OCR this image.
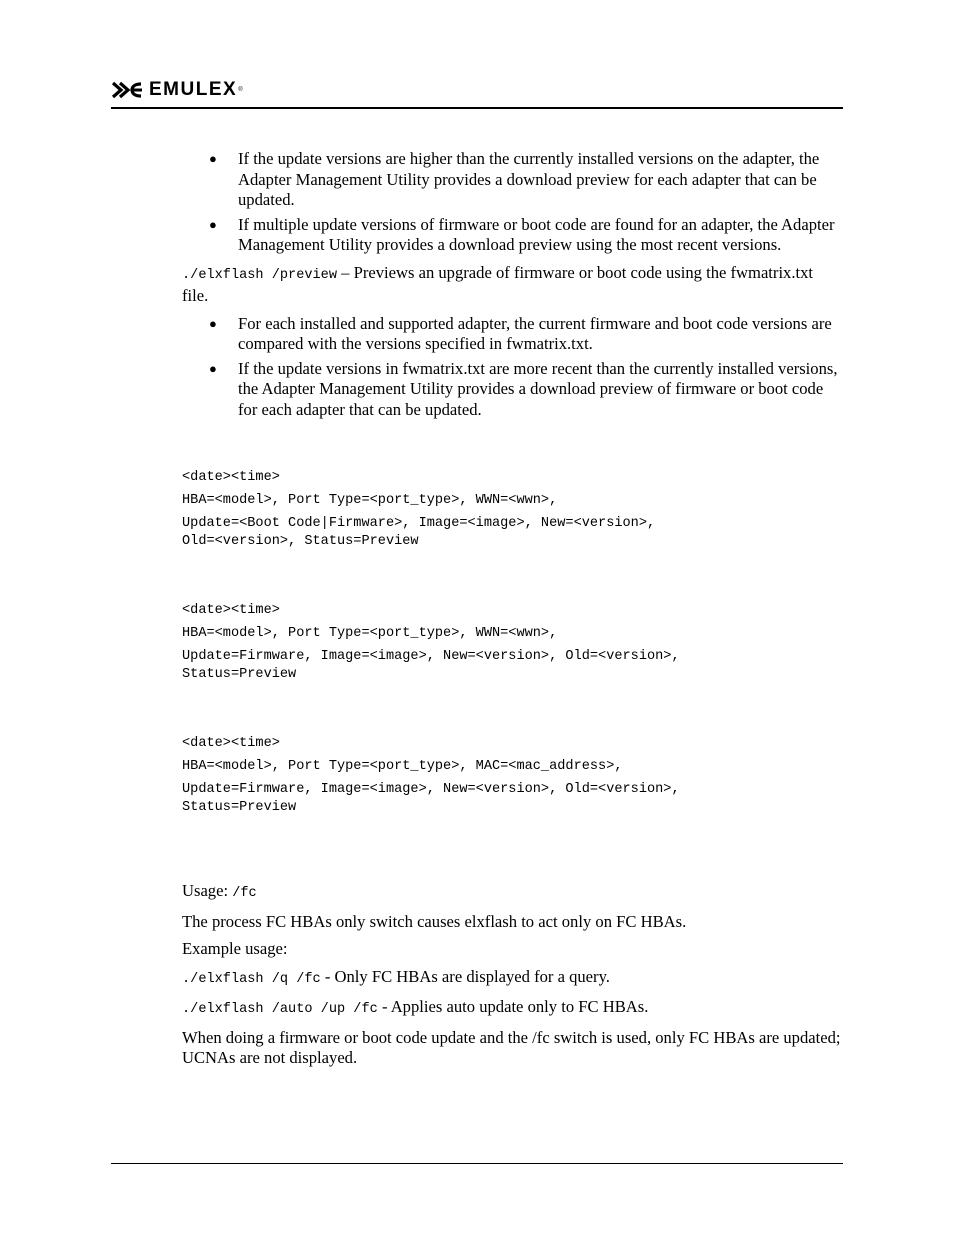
EMULEX ®
● If the update versions are higher than the currently installed versions on the adapter, the Adapter Management Utility provides a download preview for each adapter that can be updated.
● If multiple update versions of firmware or boot code are found for an adapter, the Adapter Management Utility provides a download preview using the most recent versions.

./elxflash /preview – Previews an upgrade of firmware or boot code using the fwmatrix.txt file.

● For each installed and supported adapter, the current firmware and boot code versions are compared with the versions specified in fwmatrix.txt.
● If the update versions in fwmatrix.txt are more recent than the currently installed versions, the Adapter Management Utility provides a download preview of firmware or boot code for each adapter that can be updated.
<date><time>
HBA=<model>, Port Type=<port_type>, WWN=<wwn>,
Update=<Boot Code|Firmware>, Image=<image>, New=<version>,
Old=<version>, Status=Preview
<date><time>
HBA=<model>, Port Type=<port_type>, WWN=<wwn>,
Update=Firmware, Image=<image>, New=<version>, Old=<version>,
Status=Preview
<date><time>
HBA=<model>, Port Type=<port_type>, MAC=<mac_address>,
Update=Firmware, Image=<image>, New=<version>, Old=<version>,
Status=Preview

Usage: /fc

The process FC HBAs only switch causes elxflash to act only on FC HBAs.

Example usage:

./elxflash /q /fc - Only FC HBAs are displayed for a query.

./elxflash /auto /up /fc - Applies auto update only to FC HBAs.

When doing a firmware or boot code update and the /fc switch is used, only FC HBAs are updated; UCNAs are not displayed.
